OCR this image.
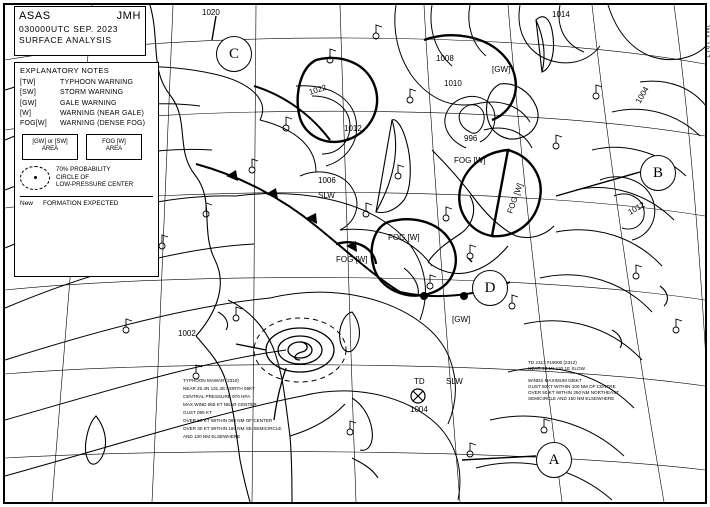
1022
1012
1006
1010
1008
996
1012
1004
1002
1020	1014
SLW
SLW
TD
1004
[GW]
[GW]
FOG [W]
FOG [W]
FOG [W]
FOG [W]
TD 2313 #19000 (2312)
NEAR 23.1N 130.1E SLOW
WINDS MAXIMUM 035KT
GUST 50KT WITHIN 100 NM OF CENTRE
OVER 50 KT WITHIN 250 NM NORTHEAST
SEMICIRCLE AND 150 NM ELSEWHERE
TYPHOON MAWAR (2310)
NEAR 20.4N 131.2E NORTH 08KT
CENTRAL PRESSURE 970 HPA
MAX WIND 065 KT NEAR CENTER
GUST 095 KT
OVER 50 KT WITHIN 060 NM OF CENTER
OVER 30 KT WITHIN 180 NM SE-SEMICIRCLE
AND 130 NM ELSEWHERE
ASAS	JMH
030000UTC SEP. 2023
SURFACE ANALYSIS
EXPLANATORY NOTES
[TW]	TYPHOON WARNING
[SW]	STORM WARNING
[GW]	GALE WARNING
[W]	WARNING (NEAR GALE)
FOG[W]	WARNING (DENSE FOG)
[GW] or [SW]
AREA
FOG [W]
AREA
70% PROBABILITY
CIRCLE OF
LOW-PRESSURE CENTER
New FORMATION EXPECTED
A
B
C
D
JMA 1917
